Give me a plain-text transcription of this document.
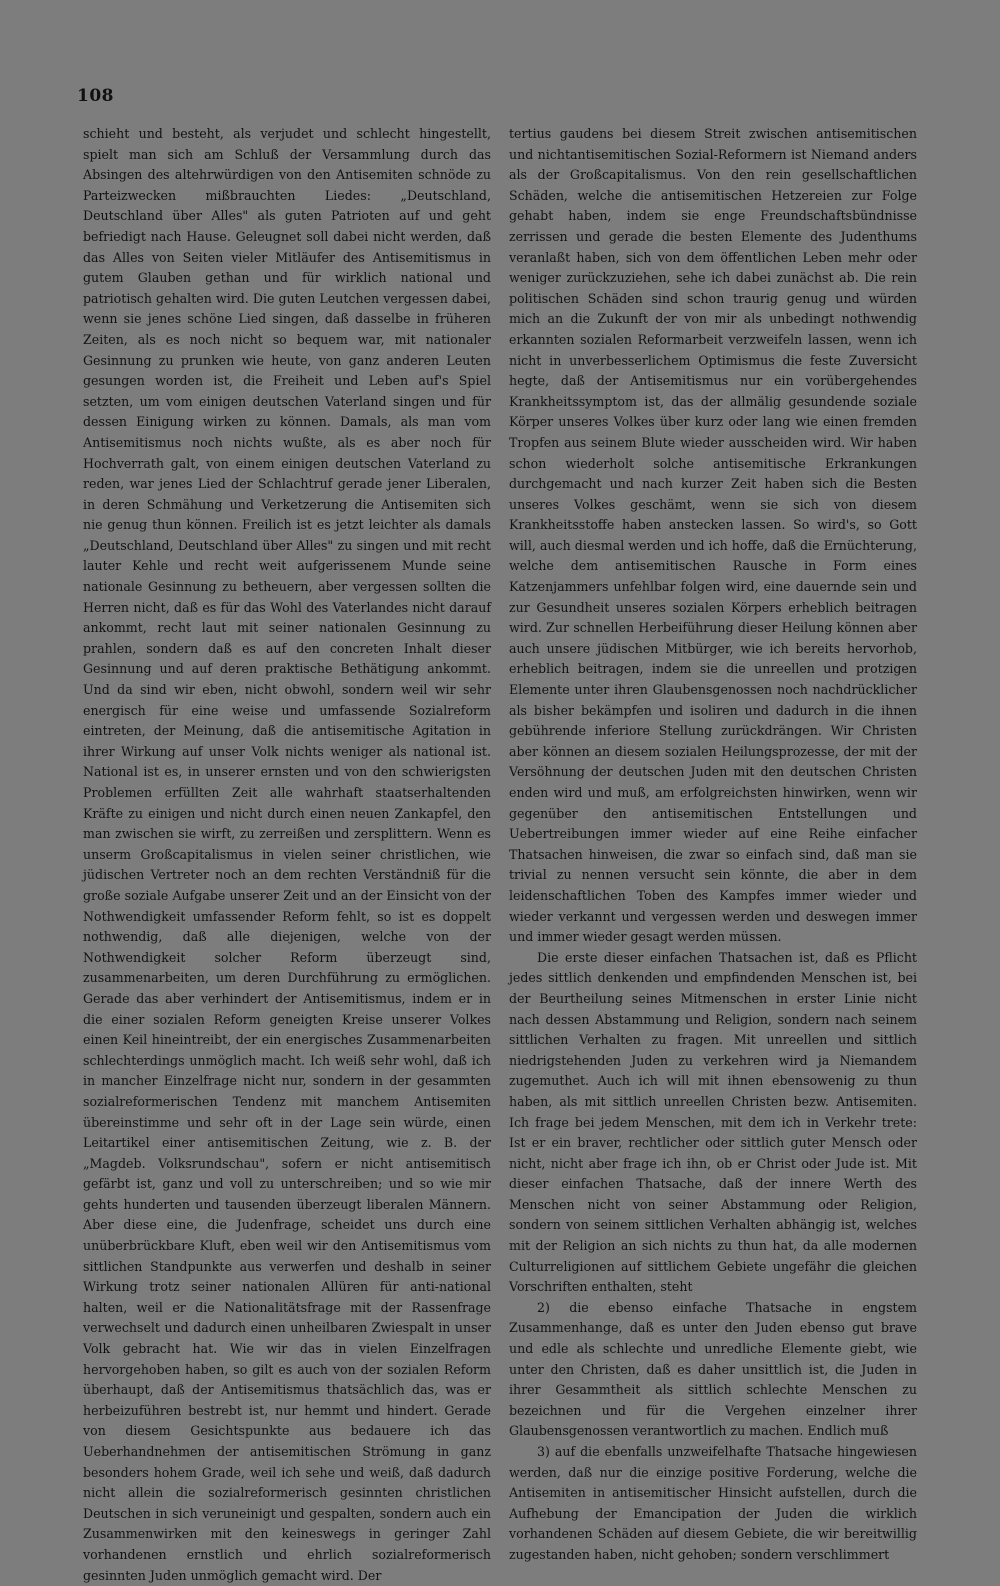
108

schieht und besteht, als verjudet und schlecht hingestellt, spielt man sich am Schluß der Versammlung durch das Absingen des altehrwürdigen von den Antisemiten schnöde zu Parteizwecken mißbrauchten Liedes: „Deutschland, Deutschland über Alles" als guten Patrioten auf und geht befriedigt nach Hause. Geleugnet soll dabei nicht werden, daß das Alles von Seiten vieler Mitläufer des Antisemitismus in gutem Glauben gethan und für wirklich national und patriotisch gehalten wird. Die guten Leutchen vergessen dabei, wenn sie jenes schöne Lied singen, daß dasselbe in früheren Zeiten, als es noch nicht so bequem war, mit nationaler Gesinnung zu prunken wie heute, von ganz anderen Leuten gesungen worden ist, die Freiheit und Leben auf's Spiel setzten, um vom einigen deutschen Vaterland singen und für dessen Einigung wirken zu können. Damals, als man vom Antisemitismus noch nichts wußte, als es aber noch für Hochverrath galt, von einem einigen deutschen Vaterland zu reden, war jenes Lied der Schlachtruf gerade jener Liberalen, in deren Schmähung und Verketzerung die Antisemiten sich nie genug thun können. Freilich ist es jetzt leichter als damals „Deutschland, Deutschland über Alles" zu singen und mit recht lauter Kehle und recht weit aufgerissenem Munde seine nationale Gesinnung zu betheuern, aber vergessen sollten die Herren nicht, daß es für das Wohl des Vaterlandes nicht darauf ankommt, recht laut mit seiner nationalen Gesinnung zu prahlen, sondern daß es auf den concreten Inhalt dieser Gesinnung und auf deren praktische Bethätigung ankommt. Und da sind wir eben, nicht obwohl, sondern weil wir sehr energisch für eine weise und umfassende Sozialreform eintreten, der Meinung, daß die antisemitische Agitation in ihrer Wirkung auf unser Volk nichts weniger als national ist. National ist es, in unserer ernsten und von den schwierigsten Problemen erfüllten Zeit alle wahrhaft staatserhaltenden Kräfte zu einigen und nicht durch einen neuen Zankapfel, den man zwischen sie wirft, zu zerreißen und zersplittern. Wenn es unserm Großcapitalismus in vielen seiner christlichen, wie jüdischen Vertreter noch an dem rechten Verständniß für die große soziale Aufgabe unserer Zeit und an der Einsicht von der Nothwendigkeit umfassender Reform fehlt, so ist es doppelt nothwendig, daß alle diejenigen, welche von der Nothwendigkeit solcher Reform überzeugt sind, zusammenarbeiten, um deren Durchführung zu ermöglichen. Gerade das aber verhindert der Antisemitismus, indem er in die einer sozialen Reform geneigten Kreise unserer Volkes einen Keil hineintreibt, der ein energisches Zusammenarbeiten schlechterdings unmöglich macht. Ich weiß sehr wohl, daß ich in mancher Einzelfrage nicht nur, sondern in der gesammten sozialreformerischen Tendenz mit manchem Antisemiten übereinstimme und sehr oft in der Lage sein würde, einen Leitartikel einer antisemitischen Zeitung, wie z. B. der „Magdeb. Volksrundschau", sofern er nicht antisemitisch gefärbt ist, ganz und voll zu unterschreiben; und so wie mir gehts hunderten und tausenden überzeugt liberalen Männern. Aber diese eine, die Judenfrage, scheidet uns durch eine unüberbrückbare Kluft, eben weil wir den Antisemitismus vom sittlichen Standpunkte aus verwerfen und deshalb in seiner Wirkung trotz seiner nationalen Allüren für anti-national halten, weil er die Nationalitätsfrage mit der Rassenfrage verwechselt und dadurch einen unheilbaren Zwiespalt in unser Volk gebracht hat. Wie wir das in vielen Einzelfragen hervorgehoben haben, so gilt es auch von der sozialen Reform überhaupt, daß der Antisemitismus thatsächlich das, was er herbeizuführen bestrebt ist, nur hemmt und hindert. Gerade von diesem Gesichtspunkte aus bedauere ich das Ueberhandnehmen der antisemitischen Strömung in ganz besonders hohem Grade, weil ich sehe und weiß, daß dadurch nicht allein die sozialreformerisch gesinnten christlichen Deutschen in sich veruneinigt und gespalten, sondern auch ein Zusammenwirken mit den keineswegs in geringer Zahl vorhandenen ernstlich und ehrlich sozialreformerisch gesinnten Juden unmöglich gemacht wird. Der

tertius gaudens bei diesem Streit zwischen antisemitischen und nichtantisemitischen Sozial-Reformern ist Niemand anders als der Großcapitalismus. Von den rein gesellschaftlichen Schäden, welche die antisemitischen Hetzereien zur Folge gehabt haben, indem sie enge Freundschaftsbündnisse zerrissen und gerade die besten Elemente des Judenthums veranlaßt haben, sich von dem öffentlichen Leben mehr oder weniger zurückzuziehen, sehe ich dabei zunächst ab. Die rein politischen Schäden sind schon traurig genug und würden mich an die Zukunft der von mir als unbedingt nothwendig erkannten sozialen Reformarbeit verzweifeln lassen, wenn ich nicht in unverbesserlichem Optimismus die feste Zuversicht hegte, daß der Antisemitismus nur ein vorübergehendes Krankheitssymptom ist, das der allmälig gesundende soziale Körper unseres Volkes über kurz oder lang wie einen fremden Tropfen aus seinem Blute wieder ausscheiden wird. Wir haben schon wiederholt solche antisemitische Erkrankungen durchgemacht und nach kurzer Zeit haben sich die Besten unseres Volkes geschämt, wenn sie sich von diesem Krankheitsstoffe haben anstecken lassen. So wird's, so Gott will, auch diesmal werden und ich hoffe, daß die Ernüchterung, welche dem antisemitischen Rausche in Form eines Katzenjammers unfehlbar folgen wird, eine dauernde sein und zur Gesundheit unseres sozialen Körpers erheblich beitragen wird. Zur schnellen Herbeiführung dieser Heilung können aber auch unsere jüdischen Mitbürger, wie ich bereits hervorhob, erheblich beitragen, indem sie die unreellen und protzigen Elemente unter ihren Glaubensgenossen noch nachdrücklicher als bisher bekämpfen und isoliren und dadurch in die ihnen gebührende inferiore Stellung zurückdrängen. Wir Christen aber können an diesem sozialen Heilungsprozesse, der mit der Versöhnung der deutschen Juden mit den deutschen Christen enden wird und muß, am erfolgreichsten hinwirken, wenn wir gegenüber den antisemitischen Entstellungen und Uebertreibungen immer wieder auf eine Reihe einfacher Thatsachen hinweisen, die zwar so einfach sind, daß man sie trivial zu nennen versucht sein könnte, die aber in dem leidenschaftlichen Toben des Kampfes immer wieder und wieder verkannt und vergessen werden und deswegen immer und immer wieder gesagt werden müssen.

Die erste dieser einfachen Thatsachen ist, daß es Pflicht jedes sittlich denkenden und empfindenden Menschen ist, bei der Beurtheilung seines Mitmenschen in erster Linie nicht nach dessen Abstammung und Religion, sondern nach seinem sittlichen Verhalten zu fragen. Mit unreellen und sittlich niedrigstehenden Juden zu verkehren wird ja Niemandem zugemuthet. Auch ich will mit ihnen ebensowenig zu thun haben, als mit sittlich unreellen Christen bezw. Antisemiten. Ich frage bei jedem Menschen, mit dem ich in Verkehr trete: Ist er ein braver, rechtlicher oder sittlich guter Mensch oder nicht, nicht aber frage ich ihn, ob er Christ oder Jude ist. Mit dieser einfachen Thatsache, daß der innere Werth des Menschen nicht von seiner Abstammung oder Religion, sondern von seinem sittlichen Verhalten abhängig ist, welches mit der Religion an sich nichts zu thun hat, da alle modernen Culturreligionen auf sittlichem Gebiete ungefähr die gleichen Vorschriften enthalten, steht

2) die ebenso einfache Thatsache in engstem Zusammenhange, daß es unter den Juden ebenso gut brave und edle als schlechte und unredliche Elemente giebt, wie unter den Christen, daß es daher unsittlich ist, die Juden in ihrer Gesammtheit als sittlich schlechte Menschen zu bezeichnen und für die Vergehen einzelner ihrer Glaubensgenossen verantwortlich zu machen. Endlich muß

3) auf die ebenfalls unzweifelhafte Thatsache hingewiesen werden, daß nur die einzige positive Forderung, welche die Antisemiten in antisemitischer Hinsicht aufstellen, durch die Aufhebung der Emancipation der Juden die wirklich vorhandenen Schäden auf diesem Gebiete, die wir bereitwillig zugestanden haben, nicht gehoben; sondern verschlimmert
